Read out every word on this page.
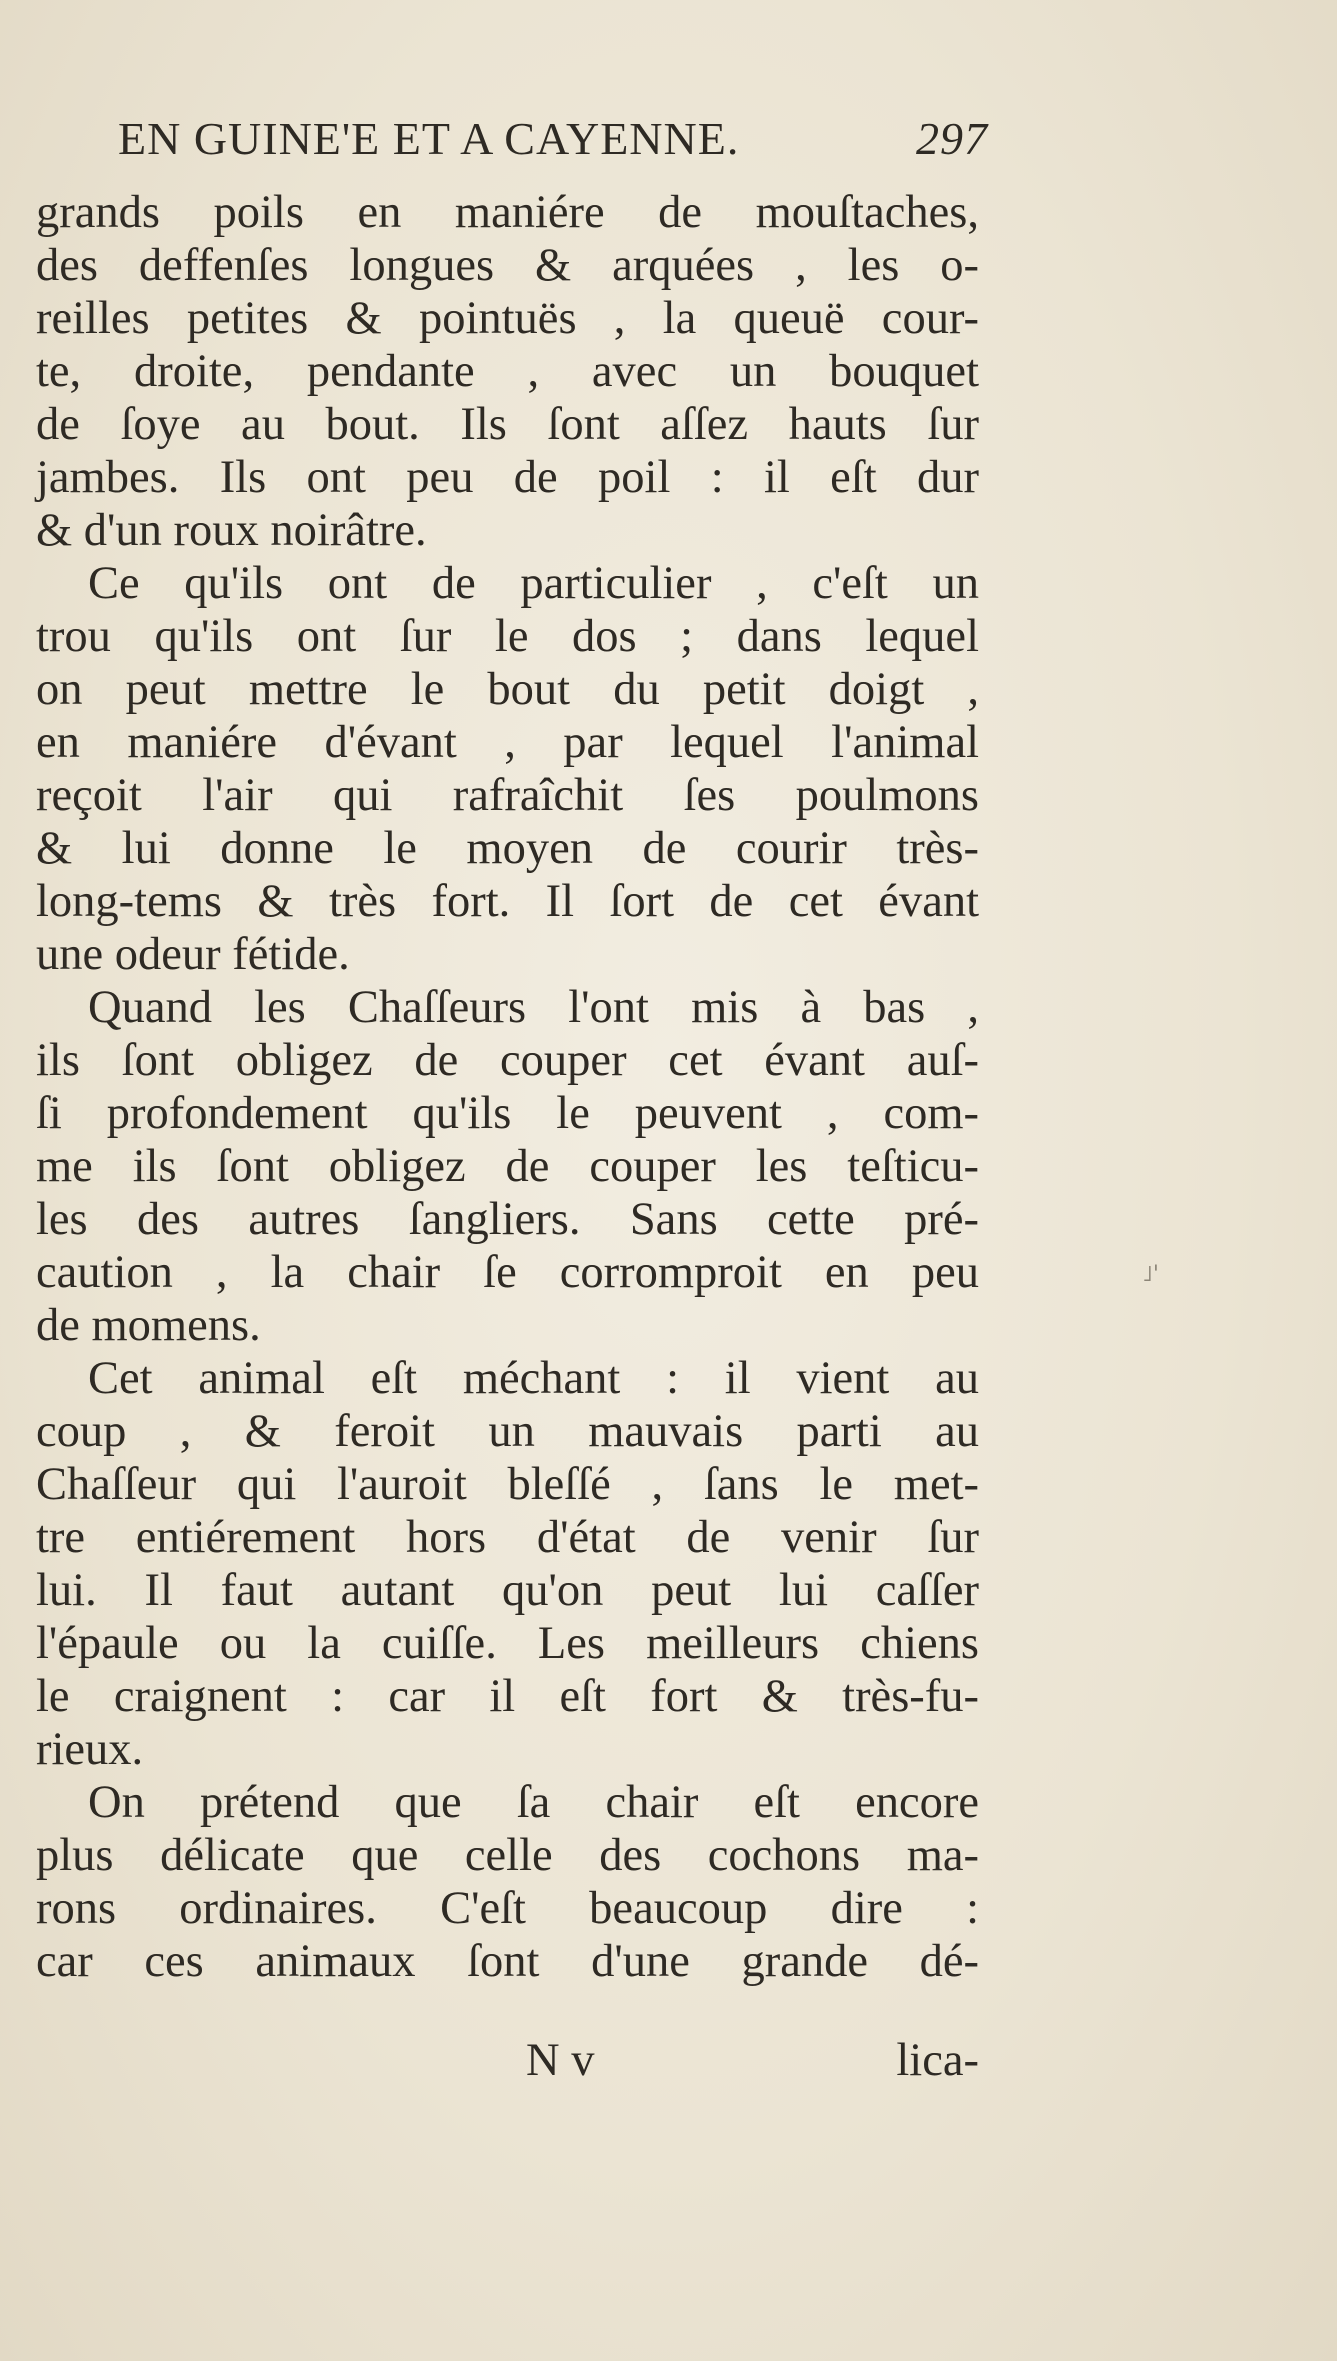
EN GUINE'E ET A CAYENNE.	297
grands poils en maniére de mouſtaches,
des deffenſes longues & arquées , les o-
reilles petites & pointuës , la queuë cour-
te, droite, pendante , avec un bouquet
de ſoye au bout. Ils ſont aſſez hauts ſur
jambes. Ils ont peu de poil : il eſt dur
& d'un roux noirâtre.
Ce qu'ils ont de particulier , c'eſt un
trou qu'ils ont ſur le dos ; dans lequel
on peut mettre le bout du petit doigt ,
en maniére d'évant , par lequel l'animal
reçoit l'air qui rafraîchit ſes poulmons
& lui donne le moyen de courir très-
long-tems & très fort. Il ſort de cet évant
une odeur fétide.
Quand les Chaſſeurs l'ont mis à bas ,
ils ſont obligez de couper cet évant auſ-
ſi profondement qu'ils le peuvent , com-
me ils ſont obligez de couper les teſticu-
les des autres ſangliers. Sans cette pré-
caution , la chair ſe corromproit en peu
de momens.
Cet animal eſt méchant : il vient au
coup , & feroit un mauvais parti au
Chaſſeur qui l'auroit bleſſé , ſans le met-
tre entiérement hors d'état de venir ſur
lui. Il faut autant qu'on peut lui caſſer
l'épaule ou la cuiſſe. Les meilleurs chiens
le craignent : car il eſt fort & très-fu-
rieux.
On prétend que ſa chair eſt encore
plus délicate que celle des cochons ma-
rons ordinaires. C'eſt beaucoup dire :
car ces animaux ſont d'une grande dé-
N v	lica-
˩'
